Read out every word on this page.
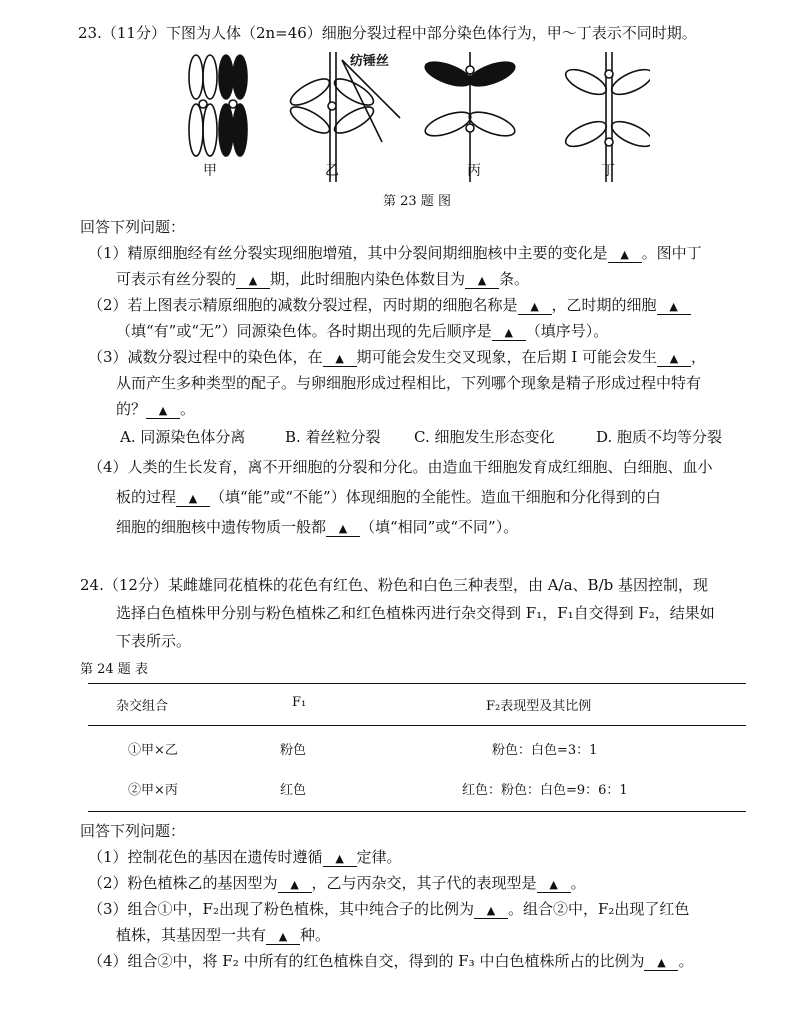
23.（11分）下图为人体（2n=46）细胞分裂过程中部分染色体行为，甲～丁表示不同时期。
纺锤丝
甲	乙	丙	丁
第 23 题 图
回答下列问题：
（1）精原细胞经有丝分裂实现细胞增殖，其中分裂间期细胞核中主要的变化是 ▲ 。图中丁
可表示有丝分裂的 ▲ 期，此时细胞内染色体数目为 ▲ 条。
（2）若上图表示精原细胞的减数分裂过程，丙时期的细胞名称是 ▲ ，乙时期的细胞 ▲
（填“有”或“无”）同源染色体。各时期出现的先后顺序是 ▲ （填序号）。
（3）减数分裂过程中的染色体，在 ▲ 期可能会发生交叉现象，在后期 I 可能会发生 ▲ ，
从而产生多种类型的配子。与卵细胞形成过程相比，下列哪个现象是精子形成过程中特有
的？ ▲ 。
A. 同源染色体分离	B. 着丝粒分裂 C. 细胞发生形态变化	D. 胞质不均等分裂
（4）人类的生长发育，离不开细胞的分裂和分化。由造血干细胞发育成红细胞、白细胞、血小
板的过程 ▲ （填“能”或“不能”）体现细胞的全能性。造血干细胞和分化得到的白
细胞的细胞核中遗传物质一般都 ▲ （填“相同”或“不同”）。
24.（12分）某雌雄同花植株的花色有红色、粉色和白色三种表型，由 A/a、B/b 基因控制，现
选择白色植株甲分别与粉色植株乙和红色植株丙进行杂交得到 F₁，F₁自交得到 F₂，结果如
下表所示。
第 24 题 表
杂交组合	F₁	F₂表现型及其比例
①甲×乙	粉色	粉色：白色=3：1
②甲×丙	红色	红色：粉色：白色=9：6：1
回答下列问题：
（1）控制花色的基因在遗传时遵循 ▲ 定律。
（2）粉色植株乙的基因型为 ▲ ，乙与丙杂交，其子代的表现型是 ▲ 。
（3）组合①中，F₂出现了粉色植株，其中纯合子的比例为 ▲ 。组合②中，F₂出现了红色
植株，其基因型一共有 ▲ 种。
（4）组合②中，将 F₂ 中所有的红色植株自交，得到的 F₃ 中白色植株所占的比例为 ▲ 。
